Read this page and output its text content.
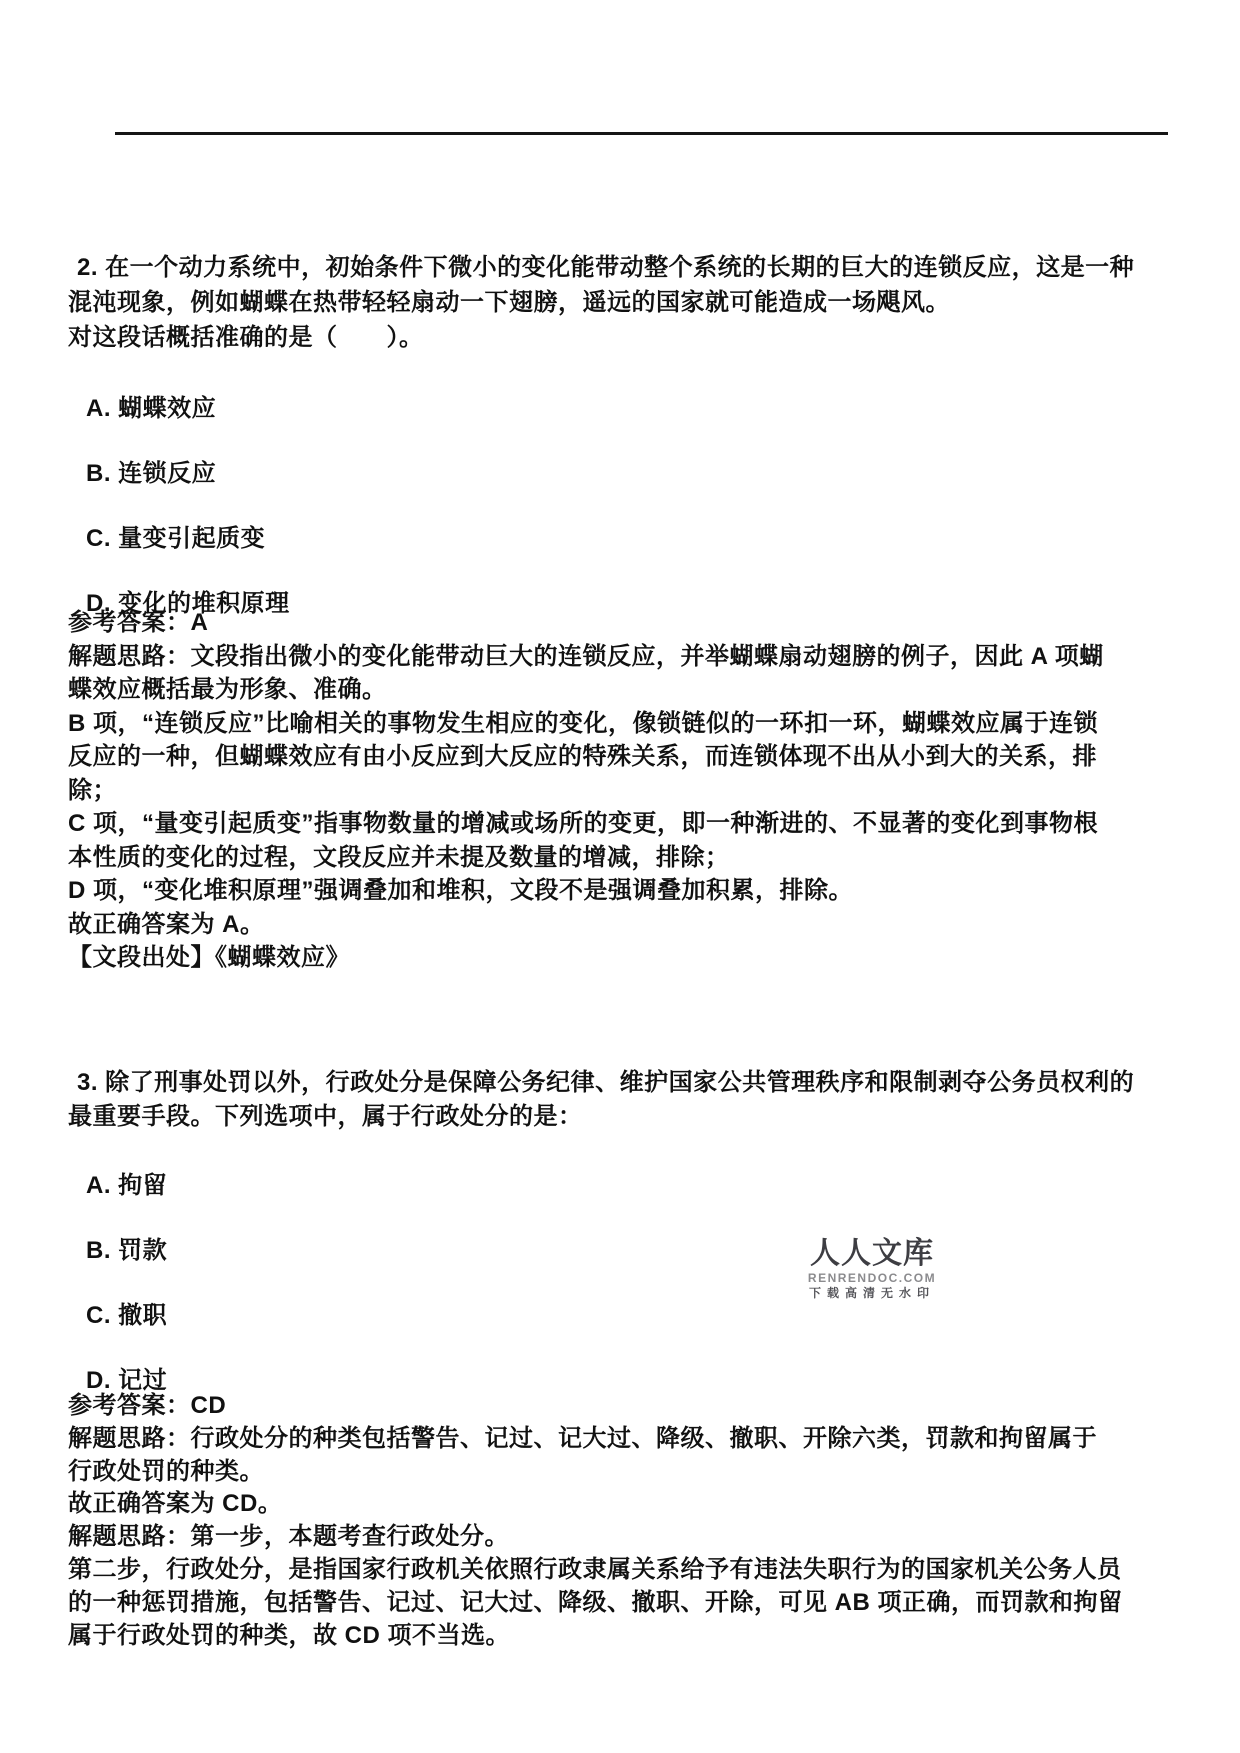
2. 在一个动力系统中，初始条件下微小的变化能带动整个系统的长期的巨大的连锁反应，这是一种
混沌现象，例如蝴蝶在热带轻轻扇动一下翅膀，遥远的国家就可能造成一场飓风。
对这段话概括准确的是（　　）。
A. 蝴蝶效应
B. 连锁反应
C. 量变引起质变
D. 变化的堆积原理
参考答案：A
解题思路：文段指出微小的变化能带动巨大的连锁反应，并举蝴蝶扇动翅膀的例子，因此 A 项蝴
蝶效应概括最为形象、准确。
B 项，“连锁反应”比喻相关的事物发生相应的变化，像锁链似的一环扣一环，蝴蝶效应属于连锁
反应的一种，但蝴蝶效应有由小反应到大反应的特殊关系，而连锁体现不出从小到大的关系，排
除；
C 项，“量变引起质变”指事物数量的增减或场所的变更，即一种渐进的、不显著的变化到事物根
本性质的变化的过程，文段反应并未提及数量的增减，排除；
D 项，“变化堆积原理”强调叠加和堆积，文段不是强调叠加积累，排除。
故正确答案为 A。
【文段出处】《蝴蝶效应》
3. 除了刑事处罚以外，行政处分是保障公务纪律、维护国家公共管理秩序和限制剥夺公务员权利的
最重要手段。下列选项中，属于行政处分的是：
A. 拘留
B. 罚款
C. 撤职
D. 记过
参考答案：CD
解题思路：行政处分的种类包括警告、记过、记大过、降级、撤职、开除六类，罚款和拘留属于
行政处罚的种类。
故正确答案为 CD。
解题思路：第一步，本题考查行政处分。
第二步，行政处分，是指国家行政机关依照行政隶属关系给予有违法失职行为的国家机关公务人员
的一种惩罚措施，包括警告、记过、记大过、降级、撤职、开除，可见 AB 项正确，而罚款和拘留
属于行政处罚的种类，故 CD 项不当选。
人人文库
RENRENDOC.COM
下载高清无水印
